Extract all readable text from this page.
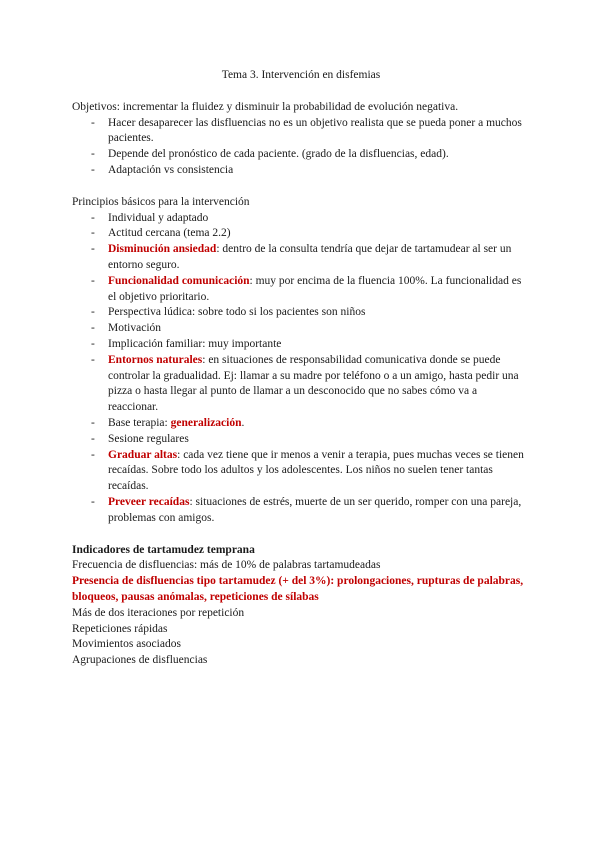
Tema 3. Intervención en disfemias

Objetivos: incrementar la fluidez y disminuir la probabilidad de evolución negativa.

- Hacer desaparecer las disfluencias no es un objetivo realista que se pueda poner a muchos pacientes.
- Depende del pronóstico de cada paciente. (grado de la disfluencias, edad).
- Adaptación vs consistencia

Principios básicos para la intervención

- Individual y adaptado
- Actitud cercana (tema 2.2)
- Disminución ansiedad: dentro de la consulta tendría que dejar de tartamudear al ser un entorno seguro.
- Funcionalidad comunicación: muy por encima de la fluencia 100%. La funcionalidad es el objetivo prioritario.
- Perspectiva lúdica: sobre todo si los pacientes son niños
- Motivación
- Implicación familiar: muy importante
- Entornos naturales: en situaciones de responsabilidad comunicativa donde se puede controlar la gradualidad. Ej: llamar a su madre por teléfono o a un amigo, hasta pedir una pizza o hasta llegar al punto de llamar a un desconocido que no sabes cómo va a reaccionar.
- Base terapia: generalización.
- Sesione regulares
- Graduar altas: cada vez tiene que ir menos a venir a terapia, pues muchas veces se tienen recaídas. Sobre todo los adultos y los adolescentes. Los niños no suelen tener tantas recaídas.
- Preveer recaídas: situaciones de estrés, muerte de un ser querido, romper con una pareja, problemas con amigos.

Indicadores de tartamudez temprana

Frecuencia de disfluencias: más de 10% de palabras tartamudeadas

Presencia de disfluencias tipo tartamudez (+ del 3%): prolongaciones, rupturas de palabras, bloqueos, pausas anómalas, repeticiones de sílabas

Más de dos iteraciones por repetición

Repeticiones rápidas

Movimientos asociados

Agrupaciones de disfluencias
